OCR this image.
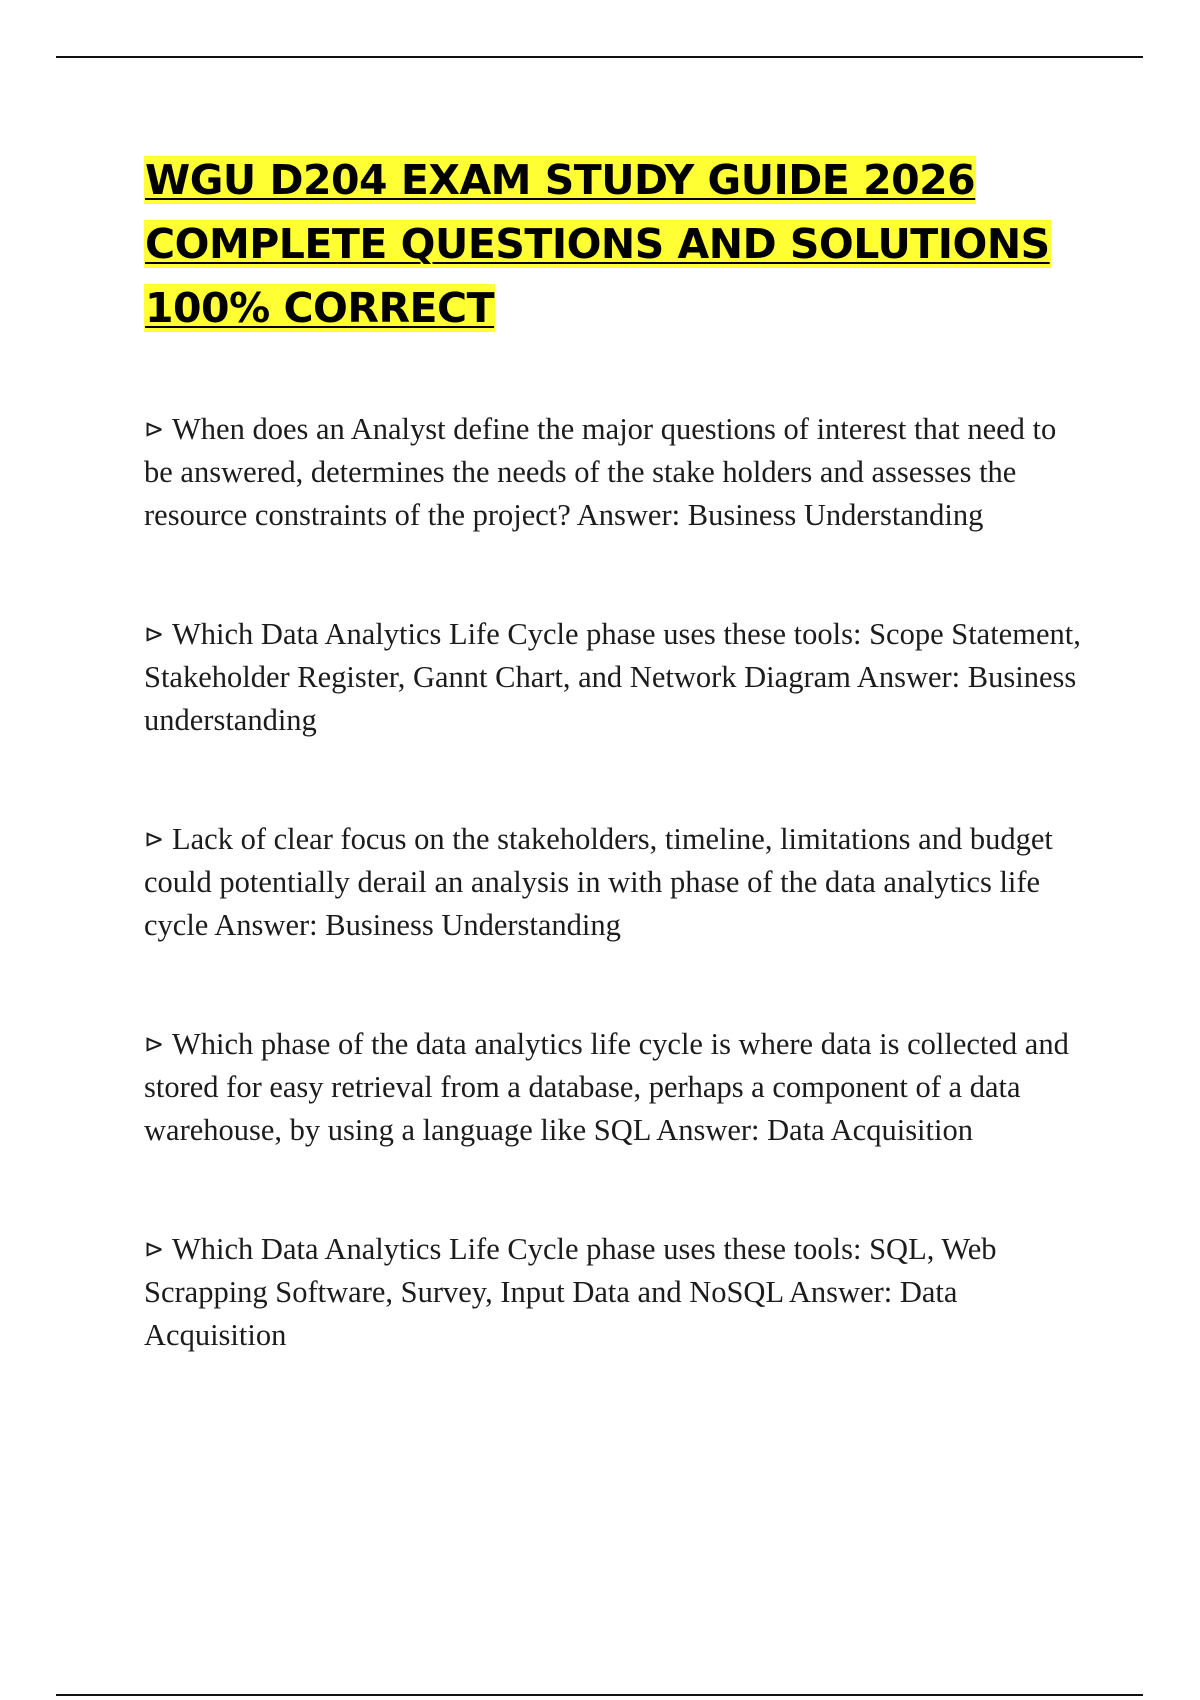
WGU D204 EXAM STUDY GUIDE 2026
COMPLETE QUESTIONS AND SOLUTIONS
100% CORRECT

⊳ When does an Analyst define the major questions of interest that need to be answered, determines the needs of the stake holders and assesses the resource constraints of the project? Answer: Business Understanding

⊳ Which Data Analytics Life Cycle phase uses these tools: Scope Statement, Stakeholder Register, Gannt Chart, and Network Diagram Answer: Business understanding

⊳ Lack of clear focus on the stakeholders, timeline, limitations and budget could potentially derail an analysis in with phase of the data analytics life cycle Answer: Business Understanding

⊳ Which phase of the data analytics life cycle is where data is collected and stored for easy retrieval from a database, perhaps a component of a data warehouse, by using a language like SQL Answer: Data Acquisition

⊳ Which Data Analytics Life Cycle phase uses these tools: SQL, Web Scrapping Software, Survey, Input Data and NoSQL Answer: Data Acquisition
